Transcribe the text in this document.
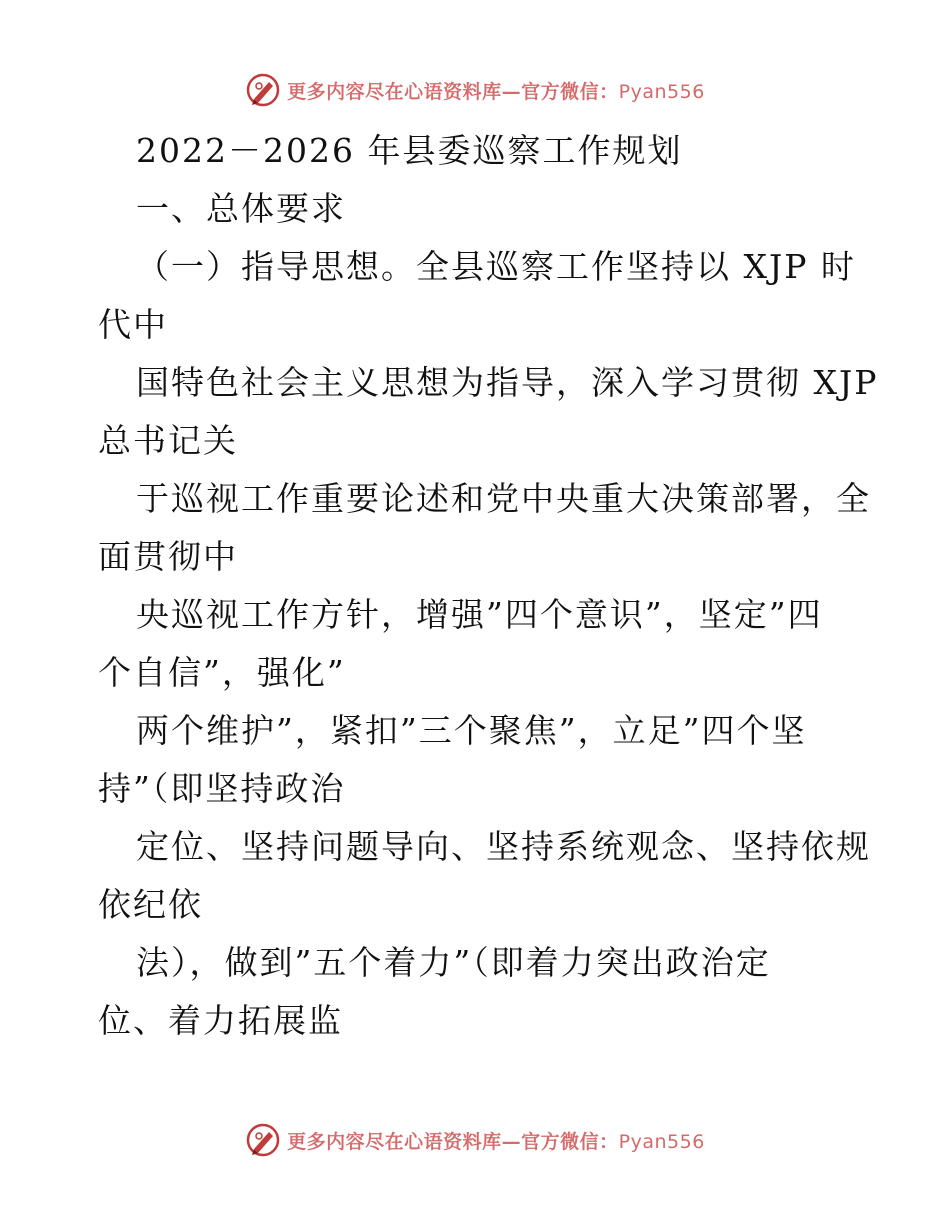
更多内容尽在心语资料库—官方微信：Pyan556
2022－2026 年县委巡察工作规划
一、总体要求
（一）指导思想。全县巡察工作坚持以 XJP 时
代中
国特色社会主义思想为指导，深入学习贯彻 XJP
总书记关
于巡视工作重要论述和党中央重大决策部署，全
面贯彻中
央巡视工作方针，增强”四个意识”，坚定”四
个自信”，强化”
两个维护”，紧扣”三个聚焦”，立足”四个坚
持”（即坚持政治
定位、坚持问题导向、坚持系统观念、坚持依规
依纪依
法），做到”五个着力”（即着力突出政治定
位、着力拓展监
更多内容尽在心语资料库—官方微信：Pyan556
